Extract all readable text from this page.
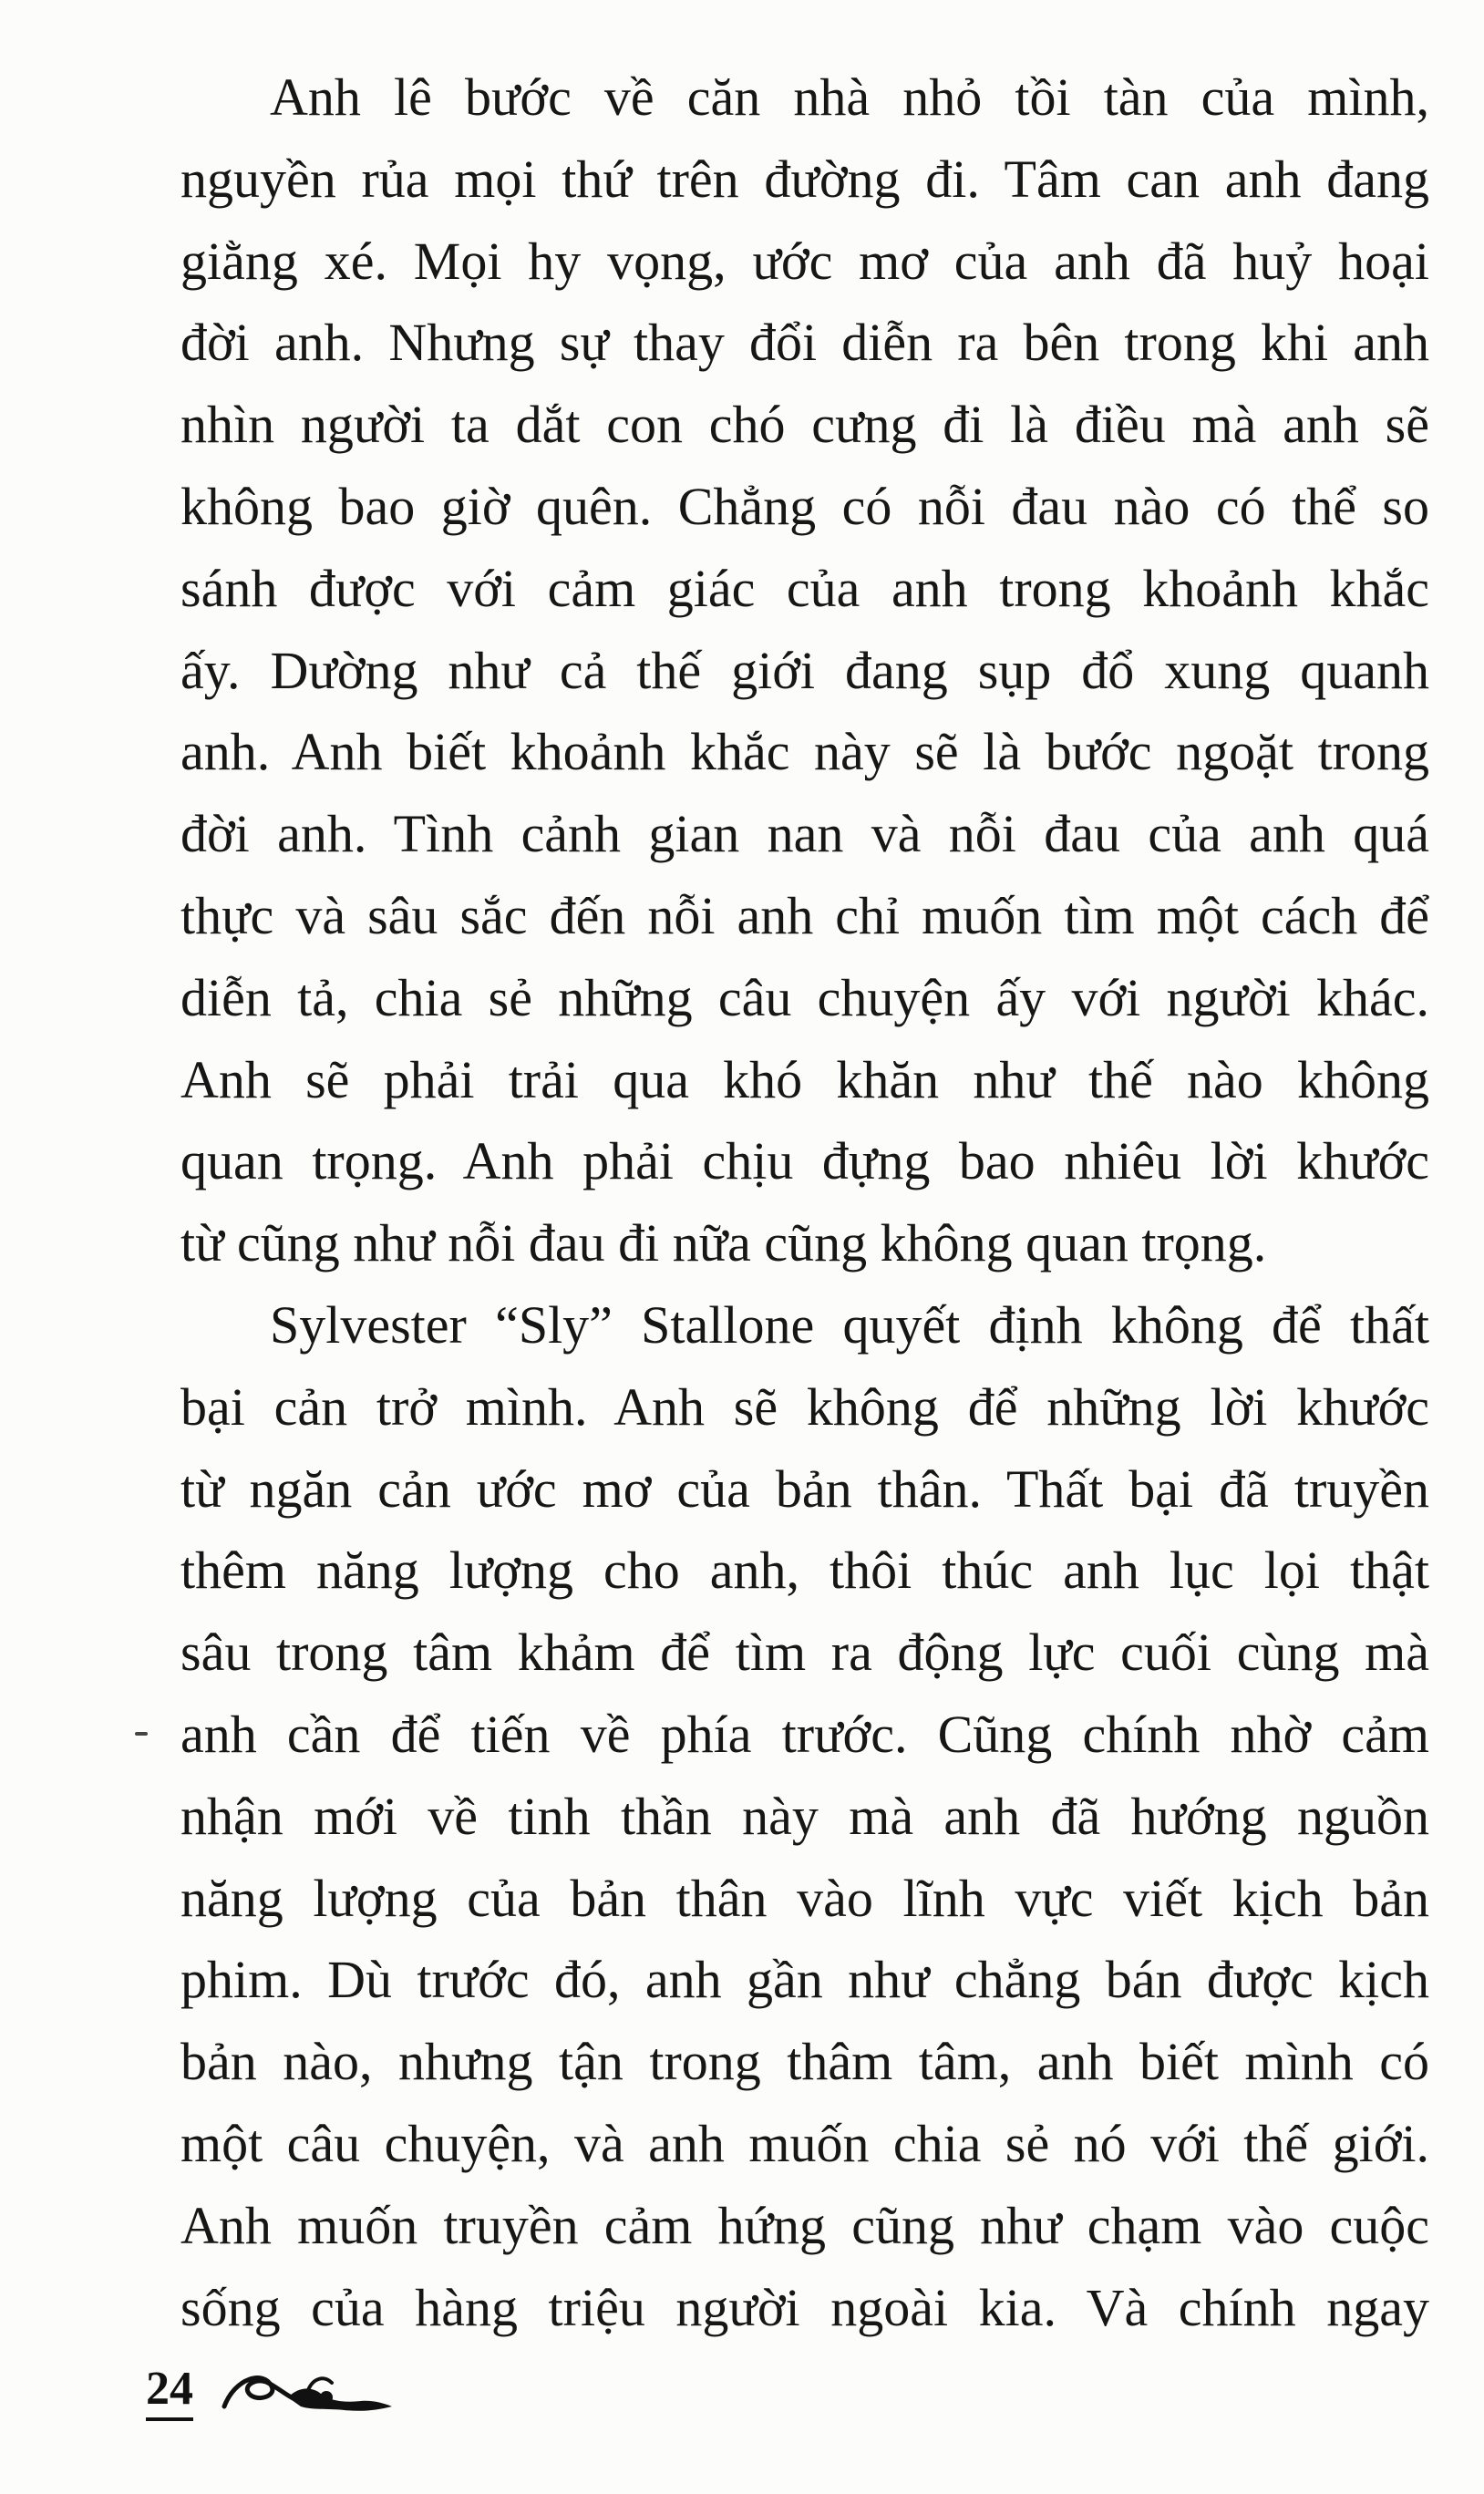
Anh lê bước về căn nhà nhỏ tồi tàn của mình,
nguyền rủa mọi thứ trên đường đi. Tâm can anh đang
giằng xé. Mọi hy vọng, ước mơ của anh đã huỷ hoại
đời anh. Nhưng sự thay đổi diễn ra bên trong khi anh
nhìn người ta dắt con chó cưng đi là điều mà anh sẽ
không bao giờ quên. Chẳng có nỗi đau nào có thể so
sánh được với cảm giác của anh trong khoảnh khắc
ấy. Dường như cả thế giới đang sụp đổ xung quanh
anh. Anh biết khoảnh khắc này sẽ là bước ngoặt trong
đời anh. Tình cảnh gian nan và nỗi đau của anh quá
thực và sâu sắc đến nỗi anh chỉ muốn tìm một cách để
diễn tả, chia sẻ những câu chuyện ấy với người khác.
Anh sẽ phải trải qua khó khăn như thế nào không
quan trọng. Anh phải chịu đựng bao nhiêu lời khước
từ cũng như nỗi đau đi nữa cũng không quan trọng.
Sylvester “Sly” Stallone quyết định không để thất
bại cản trở mình. Anh sẽ không để những lời khước
từ ngăn cản ước mơ của bản thân. Thất bại đã truyền
thêm năng lượng cho anh, thôi thúc anh lục lọi thật
sâu trong tâm khảm để tìm ra động lực cuối cùng mà
anh cần để tiến về phía trước. Cũng chính nhờ cảm
nhận mới về tinh thần này mà anh đã hướng nguồn
năng lượng của bản thân vào lĩnh vực viết kịch bản
phim. Dù trước đó, anh gần như chẳng bán được kịch
bản nào, nhưng tận trong thâm tâm, anh biết mình có
một câu chuyện, và anh muốn chia sẻ nó với thế giới.
Anh muốn truyền cảm hứng cũng như chạm vào cuộc
sống của hàng triệu người ngoài kia. Và chính ngay
24
